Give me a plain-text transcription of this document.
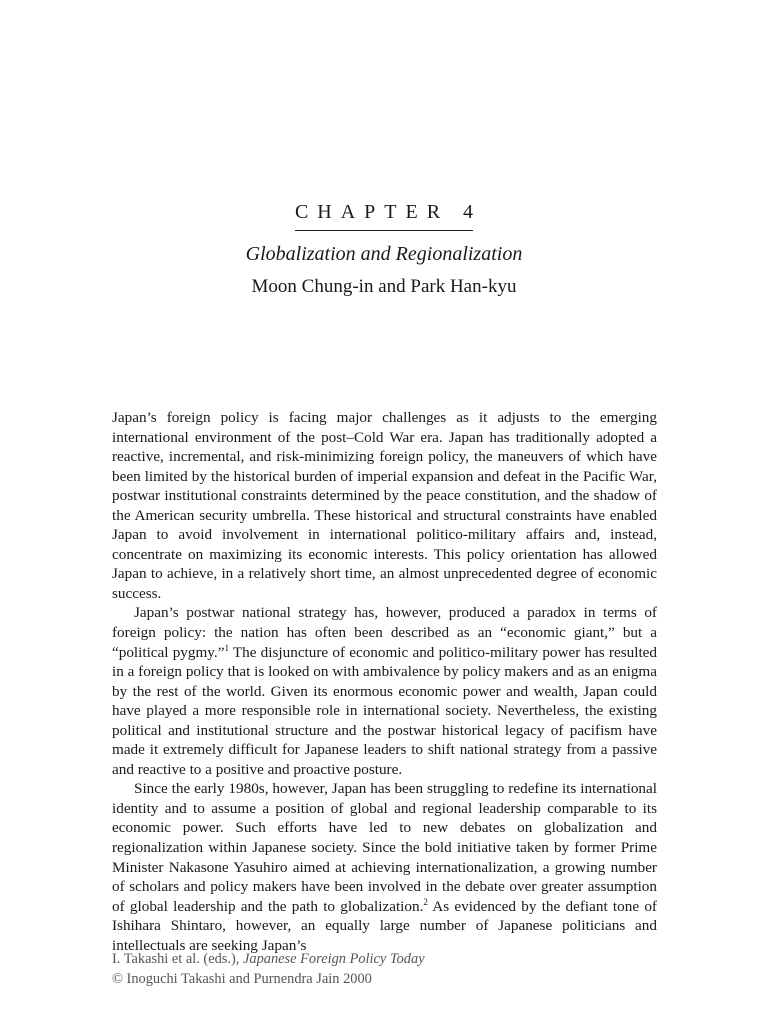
CHAPTER 4

Globalization and Regionalization

Moon Chung-in and Park Han-kyu

Japan’s foreign policy is facing major challenges as it adjusts to the emerging international environment of the post–Cold War era. Japan has traditionally adopted a reactive, incremental, and risk-minimizing foreign policy, the maneuvers of which have been limited by the historical burden of imperial expansion and defeat in the Pacific War, postwar institutional constraints determined by the peace constitution, and the shadow of the American security umbrella. These historical and structural constraints have enabled Japan to avoid involvement in international politico-military affairs and, instead, concentrate on maximizing its economic interests. This policy orientation has allowed Japan to achieve, in a relatively short time, an almost unprecedented degree of economic success.

Japan’s postwar national strategy has, however, produced a paradox in terms of foreign policy: the nation has often been described as an “economic giant,” but a “political pygmy.”$^1$ The disjuncture of economic and politico-military power has resulted in a foreign policy that is looked on with ambivalence by policy makers and as an enigma by the rest of the world. Given its enormous economic power and wealth, Japan could have played a more responsible role in international society. Nevertheless, the existing political and institutional structure and the postwar historical legacy of pacifism have made it extremely difficult for Japanese leaders to shift national strategy from a passive and reactive to a positive and proactive posture.

Since the early 1980s, however, Japan has been struggling to redefine its international identity and to assume a position of global and regional leadership comparable to its economic power. Such efforts have led to new debates on globalization and regionalization within Japanese society. Since the bold initiative taken by former Prime Minister Nakasone Yasuhiro aimed at achieving internationalization, a growing number of scholars and policy makers have been involved in the debate over greater assumption of global leadership and the path to globalization.$^2$ As evidenced by the defiant tone of Ishihara Shintaro, however, an equally large number of Japanese politicians and intellectuals are seeking Japan’s

I. Takashi et al. (eds.), Japanese Foreign Policy Today
© Inoguchi Takashi and Purnendra Jain 2000
